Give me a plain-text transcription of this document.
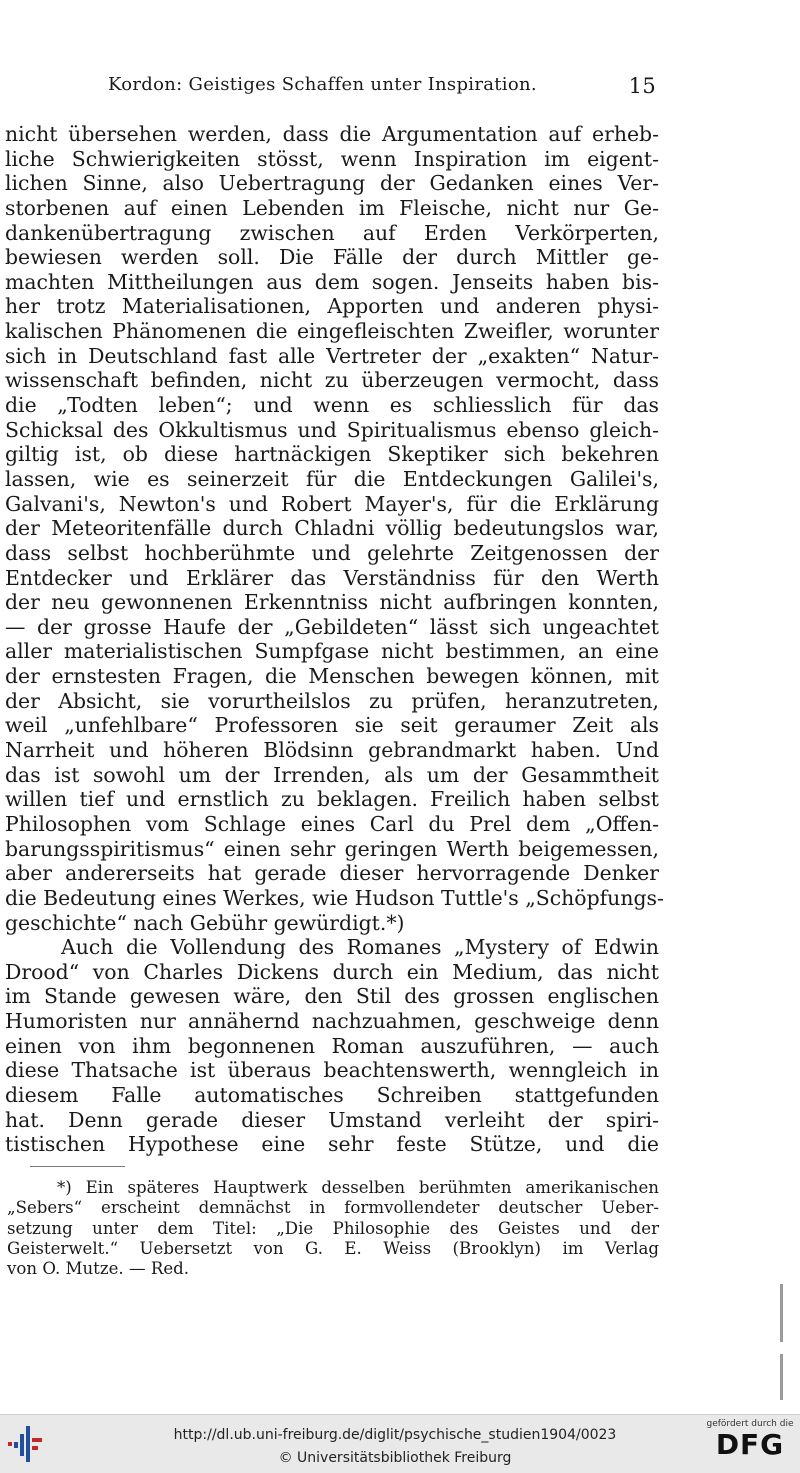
Kordon: Geistiges Schaffen unter Inspiration.	15
nicht übersehen werden, dass die Argumentation auf erheb-
liche Schwierigkeiten stösst, wenn Inspiration im eigent-
lichen Sinne, also Uebertragung der Gedanken eines Ver-
storbenen auf einen Lebenden im Fleische, nicht nur Ge-
dankenübertragung zwischen auf Erden Verkörperten,
bewiesen werden soll. Die Fälle der durch Mittler ge-
machten Mittheilungen aus dem sogen. Jenseits haben bis-
her trotz Materialisationen, Apporten und anderen physi-
kalischen Phänomenen die eingefleischten Zweifler, worunter
sich in Deutschland fast alle Vertreter der „exakten“ Natur-
wissenschaft befinden, nicht zu überzeugen vermocht, dass
die „Todten leben“; und wenn es schliesslich für das
Schicksal des Okkultismus und Spiritualismus ebenso gleich-
giltig ist, ob diese hartnäckigen Skeptiker sich bekehren
lassen, wie es seinerzeit für die Entdeckungen Galilei's,
Galvani's, Newton's und Robert Mayer's, für die Erklärung
der Meteoritenfälle durch Chladni völlig bedeutungslos war,
dass selbst hochberühmte und gelehrte Zeitgenossen der
Entdecker und Erklärer das Verständniss für den Werth
der neu gewonnenen Erkenntniss nicht aufbringen konnten,
— der grosse Haufe der „Gebildeten“ lässt sich ungeachtet
aller materialistischen Sumpfgase nicht bestimmen, an eine
der ernstesten Fragen, die Menschen bewegen können, mit
der Absicht, sie vorurtheilslos zu prüfen, heranzutreten,
weil „unfehlbare“ Professoren sie seit geraumer Zeit als
Narrheit und höheren Blödsinn gebrandmarkt haben. Und
das ist sowohl um der Irrenden, als um der Gesammtheit
willen tief und ernstlich zu beklagen. Freilich haben selbst
Philosophen vom Schlage eines Carl du Prel dem „Offen-
barungsspiritismus“ einen sehr geringen Werth beigemessen,
aber andererseits hat gerade dieser hervorragende Denker
die Bedeutung eines Werkes, wie Hudson Tuttle's „Schöpfungs-
geschichte“ nach Gebühr gewürdigt.*)
Auch die Vollendung des Romanes „Mystery of Edwin
Drood“ von Charles Dickens durch ein Medium, das nicht
im Stande gewesen wäre, den Stil des grossen englischen
Humoristen nur annähernd nachzuahmen, geschweige denn
einen von ihm begonnenen Roman auszuführen, — auch
diese Thatsache ist überaus beachtenswerth, wenngleich in
diesem Falle automatisches Schreiben stattgefunden
hat. Denn gerade dieser Umstand verleiht der spiri-
tistischen Hypothese eine sehr feste Stütze, und die
*) Ein späteres Hauptwerk desselben berühmten amerikanischen
„Sebers“ erscheint demnächst in formvollendeter deutscher Ueber-
setzung unter dem Titel: „Die Philosophie des Geistes und der
Geisterwelt.“ Uebersetzt von G. E. Weiss (Brooklyn) im Verlag
von O. Mutze. — Red.
http://dl.ub.uni-freiburg.de/diglit/psychische_studien1904/0023
© Universitätsbibliothek Freiburg
gefördert durch die
DFG
